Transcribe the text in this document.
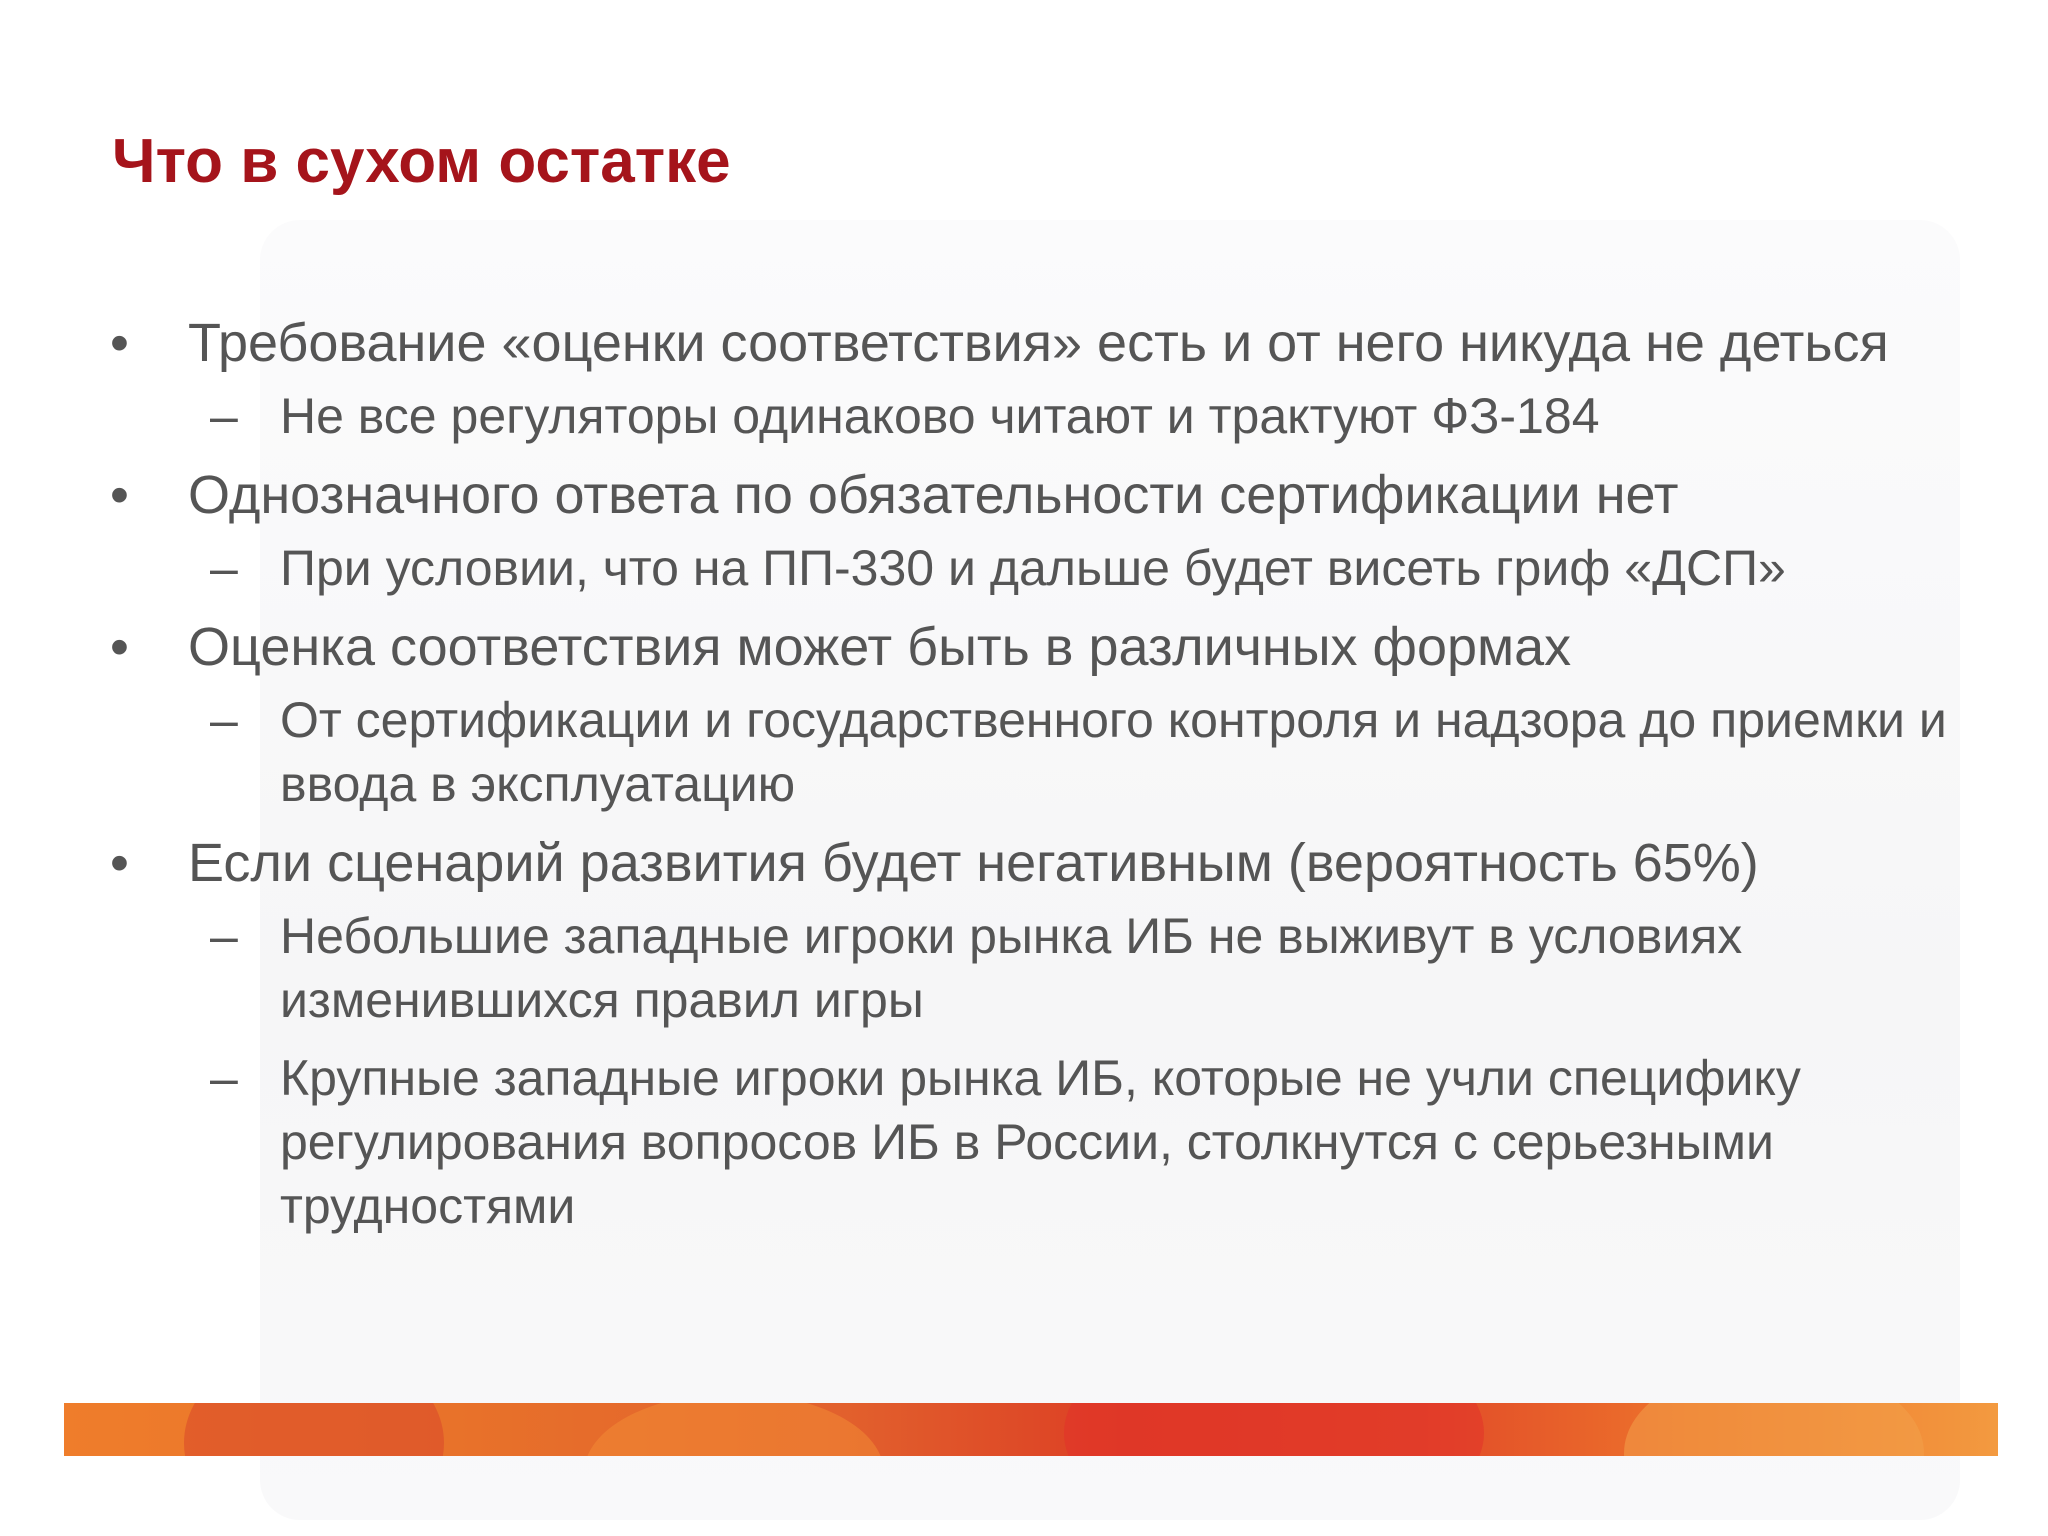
Что в сухом остатке
•	Требование «оценки соответствия» есть и от него никуда не деться
– Не все регуляторы одинаково читают и трактуют ФЗ-184
•	Однозначного ответа по обязательности сертификации нет
– При условии, что на ПП-330 и дальше будет висеть гриф «ДСП»
•	Оценка соответствия может быть в различных формах
– От сертификации и государственного контроля и надзора до приемки и ввода в эксплуатацию
•	Если сценарий развития будет негативным (вероятность 65%)
– Небольшие западные игроки рынка ИБ не выживут в условиях изменившихся правил игры
– Крупные западные игроки рынка ИБ, которые не учли специфику регулирования вопросов ИБ в России, столкнутся с серьезными трудностями
